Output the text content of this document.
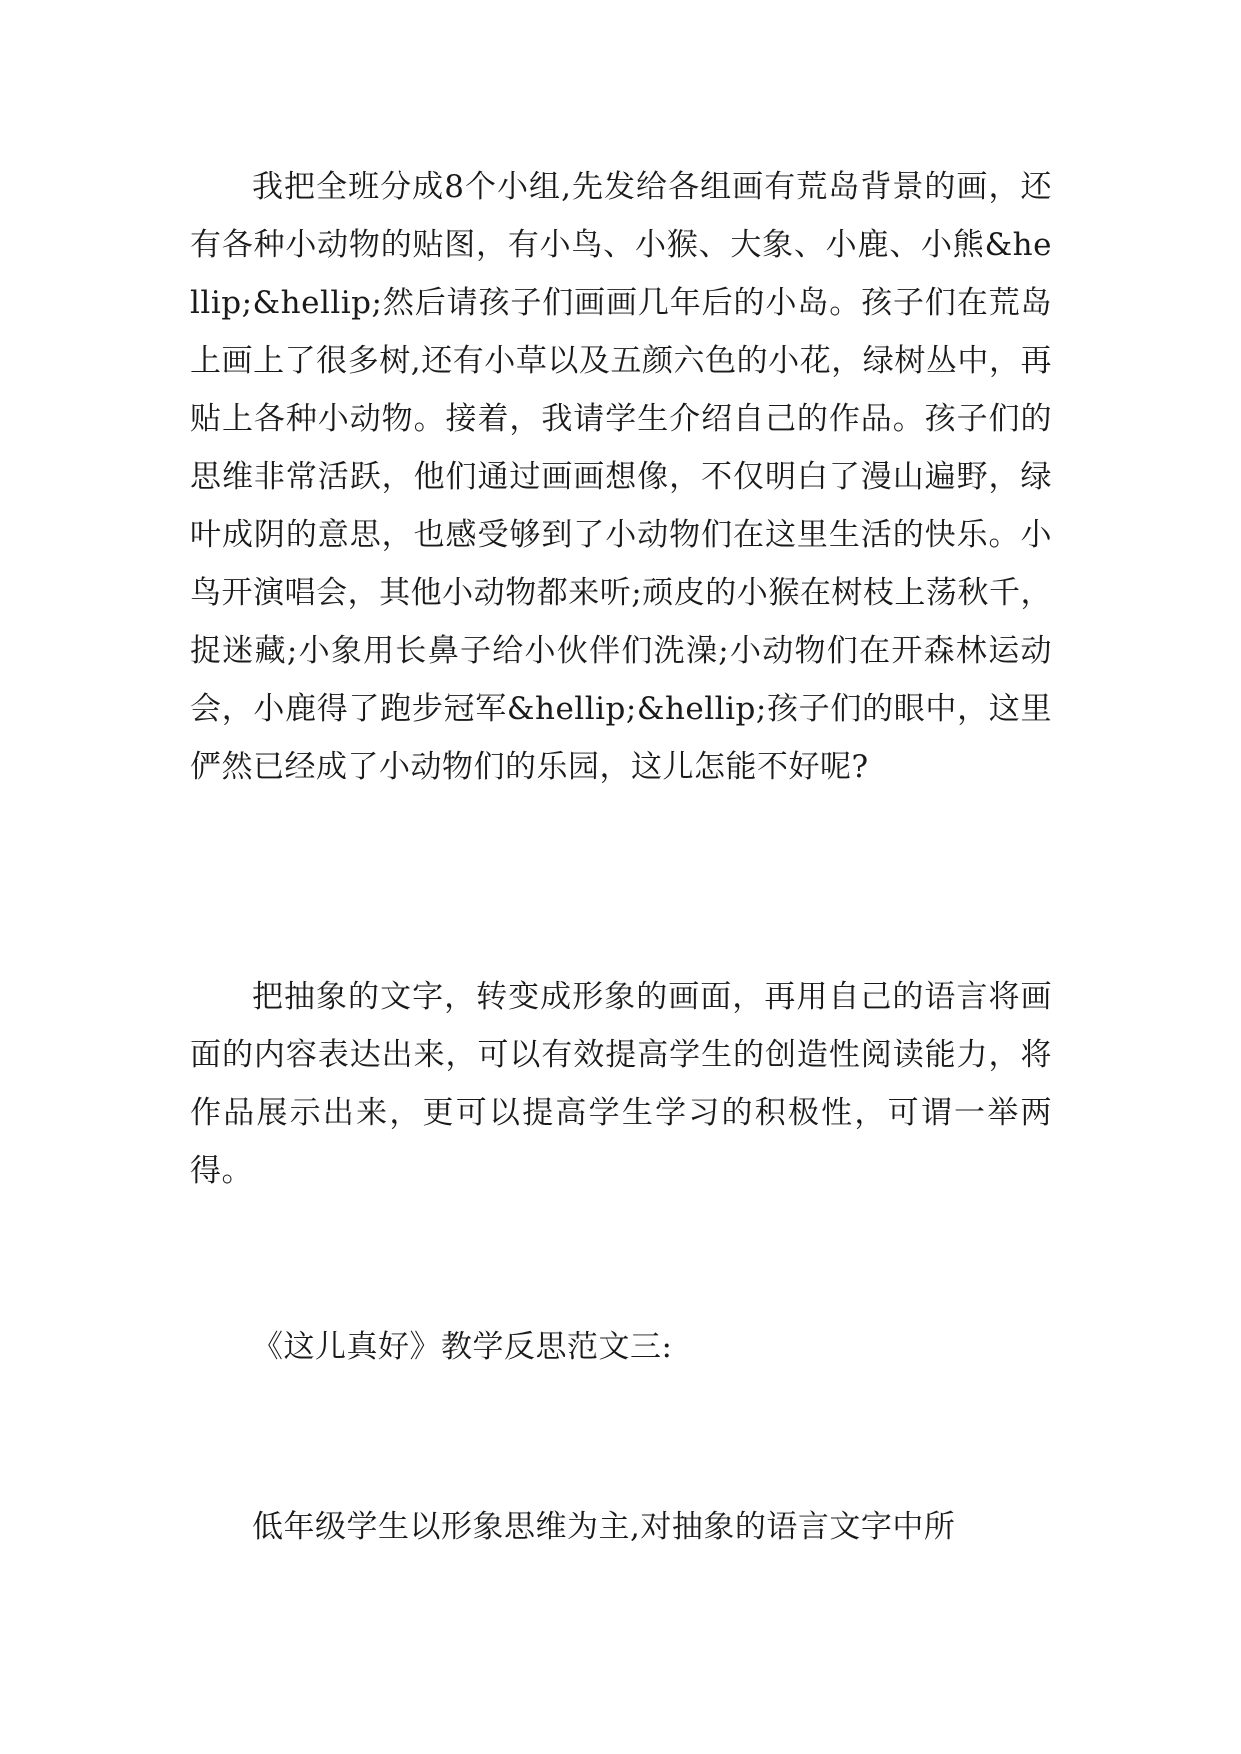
我把全班分成8个小组,先发给各组画有荒岛背景的画，还有各种小动物的贴图，有小鸟、小猴、大象、小鹿、小熊&hellip;&hellip;然后请孩子们画画几年后的小岛。孩子们在荒岛上画上了很多树,还有小草以及五颜六色的小花，绿树丛中，再贴上各种小动物。接着，我请学生介绍自己的作品。孩子们的思维非常活跃，他们通过画画想像，不仅明白了漫山遍野，绿叶成阴的意思，也感受够到了小动物们在这里生活的快乐。小鸟开演唱会，其他小动物都来听;顽皮的小猴在树枝上荡秋千，捉迷藏;小象用长鼻子给小伙伴们洗澡;小动物们在开森林运动会，小鹿得了跑步冠军&hellip;&hellip;孩子们的眼中，这里俨然已经成了小动物们的乐园，这儿怎能不好呢?

把抽象的文字，转变成形象的画面，再用自己的语言将画面的内容表达出来，可以有效提高学生的创造性阅读能力，将作品展示出来，更可以提高学生学习的积极性，可谓一举两得。

《这儿真好》教学反思范文三:

低年级学生以形象思维为主,对抽象的语言文字中所
